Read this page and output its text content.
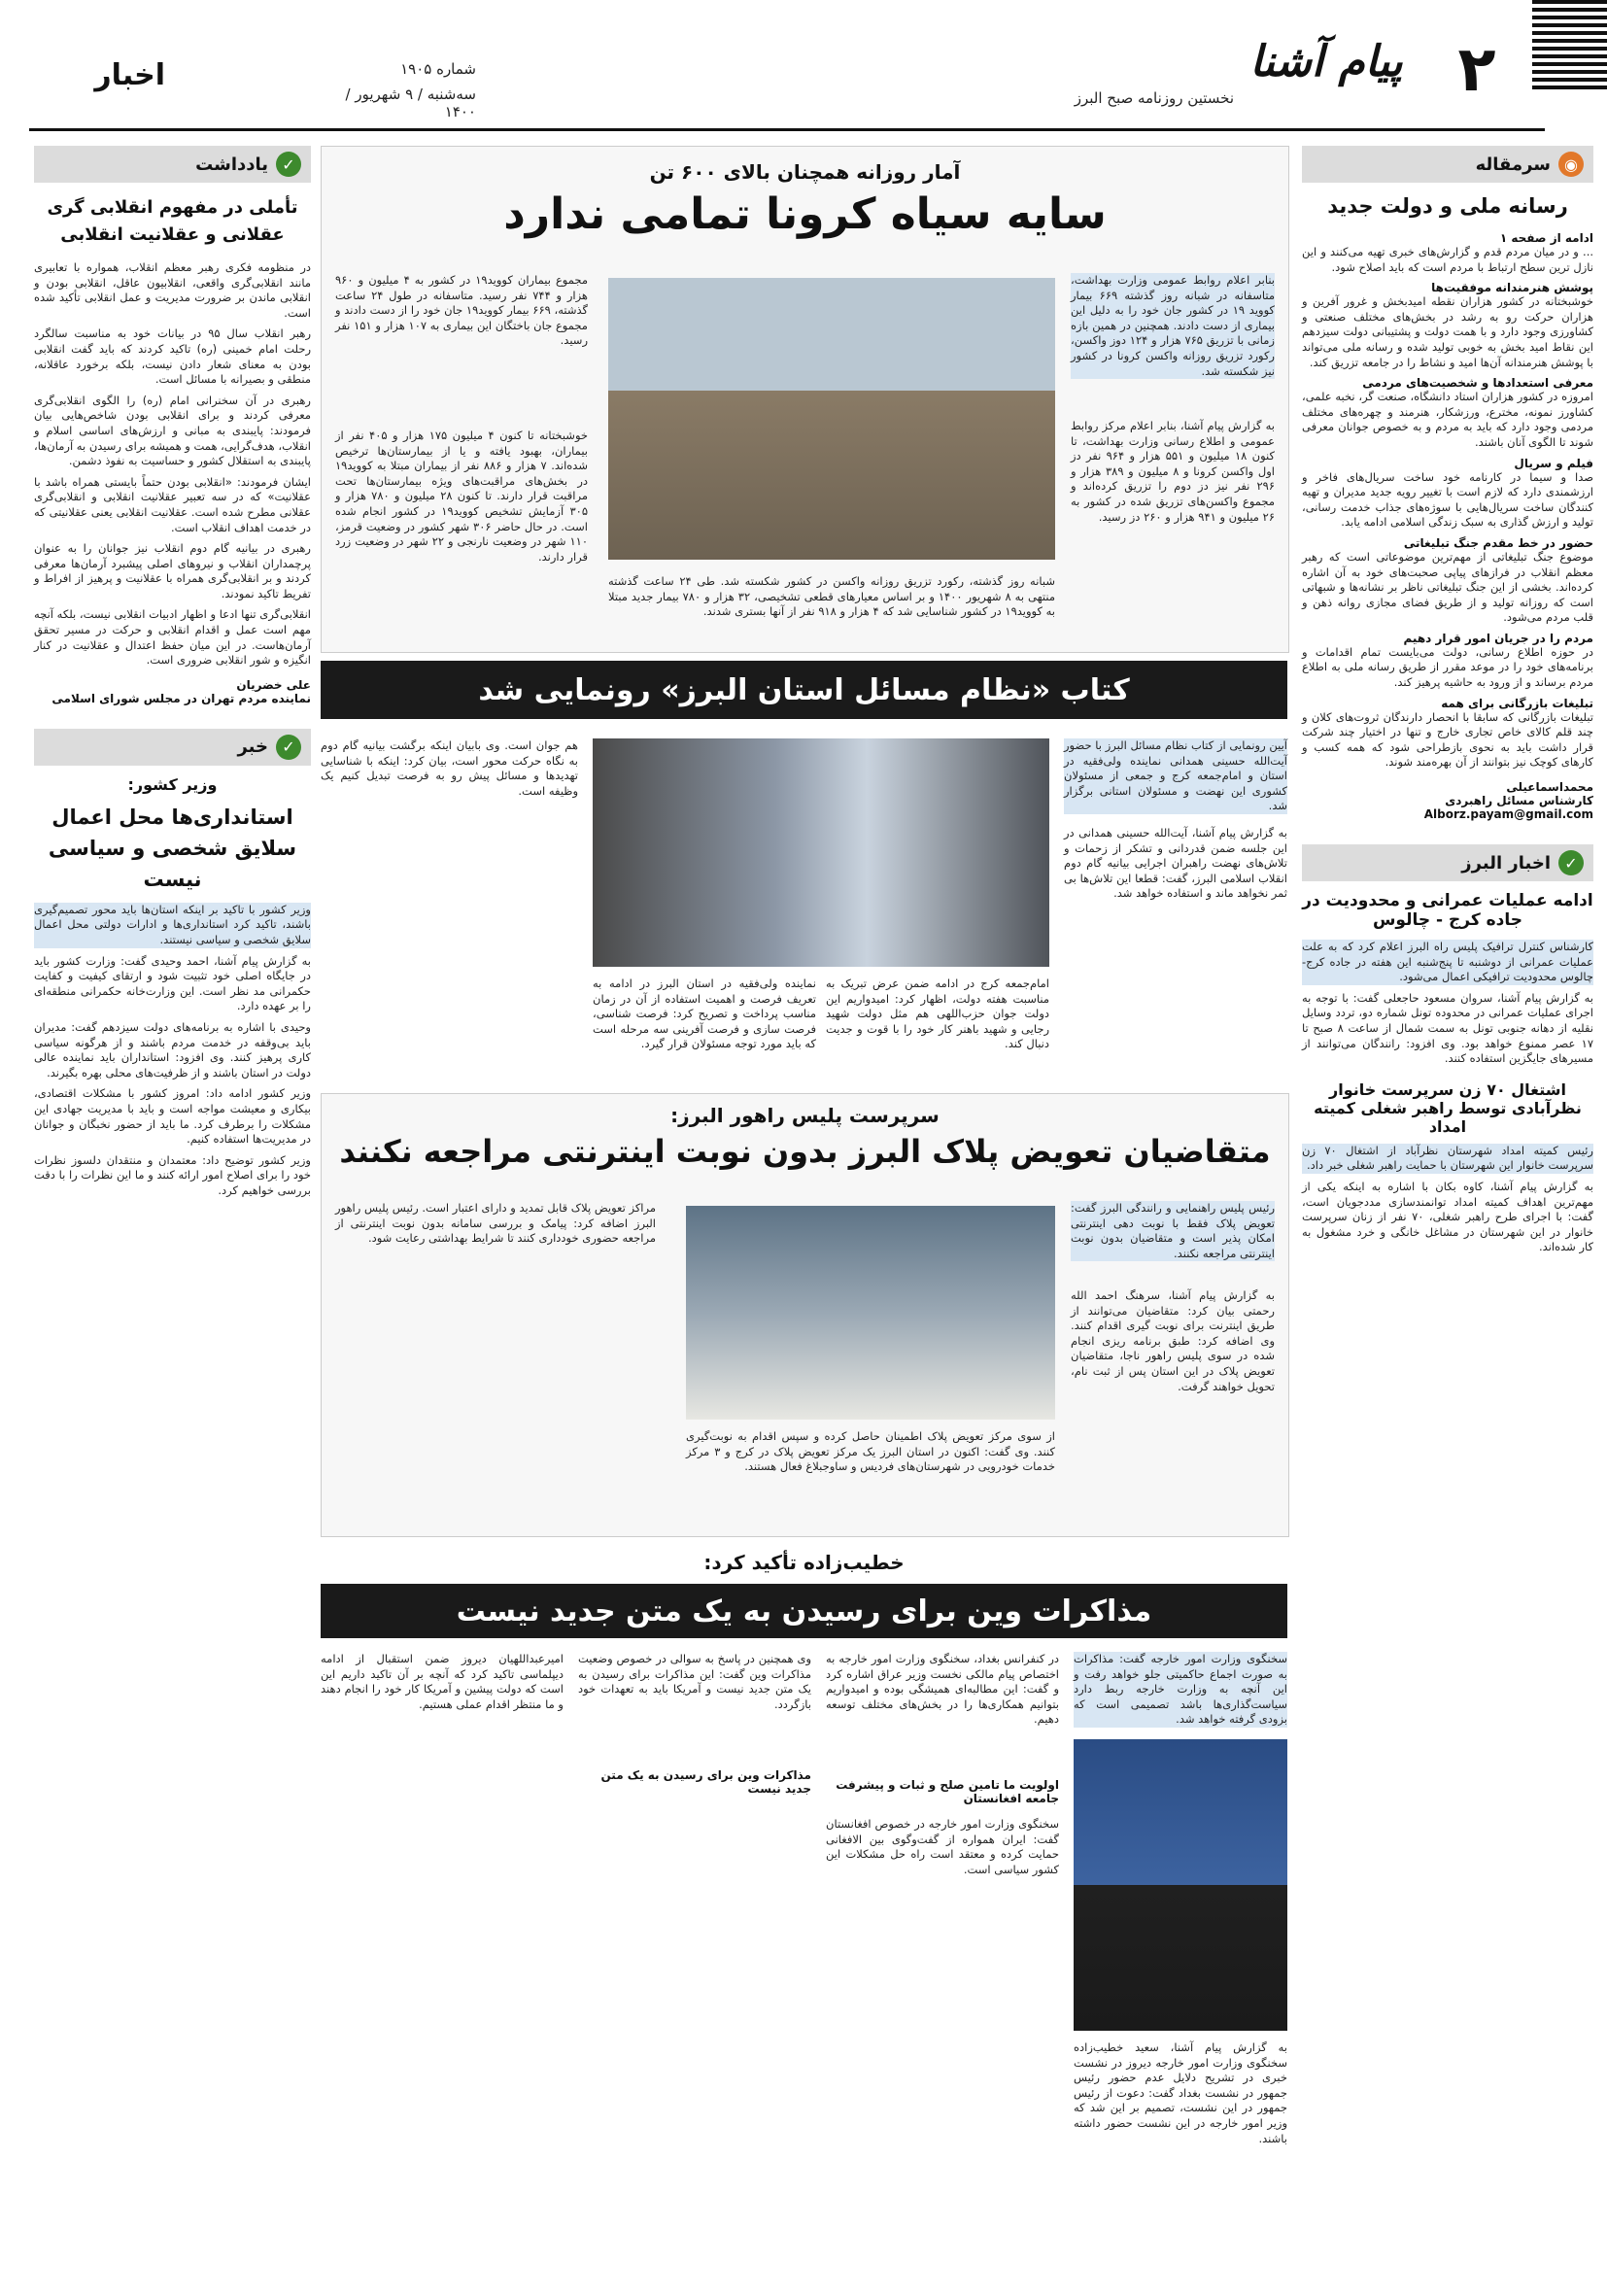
۲
پیام آشنا
نخستین روزنامه صبح البرز
شماره ۱۹۰۵
سه‌شنبه / ۹ شهریور / ۱۴۰۰
اخبار
◉
سرمقاله
رسانه ملی و دولت جدید
ادامه از صفحه ۱
... و در میان مردم قدم و گزارش‌های خبری تهیه می‌کنند و این نازل ترین سطح ارتباط با مردم است که باید اصلاح شود.
پوشش هنرمندانه موفقیت‌ها
خوشبختانه در کشور هزاران نقطه امیدبخش و غرور آفرین و هزاران حرکت رو به رشد در بخش‌های مختلف صنعتی و کشاورزی وجود دارد و با همت دولت و پشتیبانی دولت سیزدهم این نقاط امید بخش به خوبی تولید شده و رسانه ملی می‌تواند با پوشش هنرمندانه آن‌ها امید و نشاط را در جامعه تزریق کند.
معرفی استعدادها و شخصیت‌های مردمی
امروزه در کشور هزاران استاد دانشگاه، صنعت گر، نخبه علمی، کشاورز نمونه، مخترع، ورزشکار، هنرمند و چهره‌های مختلف مردمی وجود دارد که باید به مردم و به خصوص جوانان معرفی شوند تا الگوی آنان باشند.
فیلم و سریال
صدا و سیما در کارنامه خود ساخت سریال‌های فاخر و ارزشمندی دارد که لازم است با تغییر رویه جدید مدیران و تهیه کنندگان ساخت سریال‌هایی با سوژه‌های جذاب خدمت رسانی، تولید و ارزش گذاری به سبک زندگی اسلامی ادامه یابد.
حضور در خط مقدم جنگ تبلیغاتی
موضوع جنگ تبلیغاتی از مهم‌ترین موضوعاتی است که رهبر معظم انقلاب در فراز‌های پیاپی صحبت‌های خود به آن اشاره کرده‌اند. بخشی از این جنگ تبلیغاتی ناظر بر نشانه‌ها و شبهاتی است که روزانه تولید و از طریق فضای مجازی روانه ذهن و قلب مردم می‌شود.
مردم را در جریان امور قرار دهیم
در حوزه اطلاع رسانی، دولت می‌بایست تمام اقدامات و برنامه‌های خود را در موعد مقرر از طریق رسانه ملی به اطلاع مردم برساند و از ورود به حاشیه پرهیز کند.
تبلیغات بازرگانی برای همه
تبلیغات بازرگانی که سابقا با انحصار دارندگان ثروت‌های کلان و چند قلم کالای خاص تجاری خارج و تنها در اختیار چند شرکت قرار داشت باید به نحوی بازطراحی شود که همه کسب و کارهای کوچک نیز بتوانند از آن بهره‌مند شوند.
محمداسماعیلی
کارشناس مسائل راهبردی
Alborz.payam@gmail.com
✓
اخبار البرز
ادامه عملیات عمرانی و محدودیت در جاده کرج - چالوس
کارشناس کنترل ترافیک پلیس راه البرز اعلام کرد که به علت عملیات عمرانی از دوشنبه تا پنج‌شنبه این هفته در جاده کرج-چالوس محدودیت ترافیکی اعمال می‌شود.
به گزارش پیام آشنا، سروان مسعود حاجعلی گفت: با توجه به اجرای عملیات عمرانی در محدوده تونل شماره دو، تردد وسایل نقلیه از دهانه جنوبی تونل به سمت شمال از ساعت ۸ صبح تا ۱۷ عصر ممنوع خواهد بود. وی افزود: رانندگان می‌توانند از مسیرهای جایگزین استفاده کنند.
اشتغال ۷۰ زن سرپرست خانوار نظرآبادی توسط راهبر شغلی کمیته امداد
رئیس کمیته امداد شهرستان نظرآباد از اشتغال ۷۰ زن سرپرست خانوار این شهرستان با حمایت راهبر شغلی خبر داد.
به گزارش پیام آشنا، کاوه بکان با اشاره به اینکه یکی از مهم‌ترین اهداف کمیته امداد توانمندسازی مددجویان است، گفت: با اجرای طرح راهبر شغلی، ۷۰ نفر از زنان سرپرست خانوار در این شهرستان در مشاغل خانگی و خرد مشغول به کار شده‌اند.
آمار روزانه همچنان بالای ۶۰۰ تن
سایه سیاه کرونا تمامی ندارد
بنابر اعلام روابط عمومی وزارت بهداشت، متاسفانه در شبانه روز گذشته ۶۶۹ بیمار کووید ۱۹ در کشور جان خود را به دلیل این بیماری از دست دادند. همچنین در همین بازه زمانی با تزریق ۷۶۵ هزار و ۱۲۴ دوز واکسن، رکورد تزریق روزانه واکسن کرونا در کشور نیز شکسته شد.
به گزارش پیام آشنا، بنابر اعلام مرکز روابط عمومی و اطلاع رسانی وزارت بهداشت، تا کنون ۱۸ میلیون و ۵۵۱ هزار و ۹۶۴ نفر دز اول واکسن کرونا و ۸ میلیون و ۳۸۹ هزار و ۲۹۶ نفر نیز دز دوم را تزریق کرده‌اند و مجموع واکسن‌های تزریق شده در کشور به ۲۶ میلیون و ۹۴۱ هزار و ۲۶۰ دز رسید.
شبانه روز گذشته، رکورد تزریق روزانه واکسن در کشور شکسته شد. طی ۲۴ ساعت گذشته منتهی به ۸ شهریور ۱۴۰۰ و بر اساس معیارهای قطعی تشخیصی، ۳۲ هزار و ۷۸۰ بیمار جدید مبتلا به کووید۱۹ در کشور شناسایی شد که ۴ هزار و ۹۱۸ نفر از آنها بستری شدند.
مجموع بیماران کووید۱۹ در کشور به ۴ میلیون و ۹۶۰ هزار و ۷۴۴ نفر رسید. متاسفانه در طول ۲۴ ساعت گذشته، ۶۶۹ بیمار کووید۱۹ جان خود را از دست دادند و مجموع جان باختگان این بیماری به ۱۰۷ هزار و ۱۵۱ نفر رسید.
خوشبختانه تا کنون ۴ میلیون ۱۷۵ هزار و ۴۰۵ نفر از بیماران، بهبود یافته و یا از بیمارستان‌ها ترخیص شده‌اند. ۷ هزار و ۸۸۶ نفر از بیماران مبتلا به کووید۱۹ در بخش‌های مراقبت‌های ویژه بیمارستان‌ها تحت مراقبت قرار دارند. تا کنون ۲۸ میلیون و ۷۸۰ هزار و ۳۰۵ آزمایش تشخیص کووید۱۹ در کشور انجام شده است. در حال حاضر ۳۰۶ شهر کشور در وضعیت قرمز، ۱۱۰ شهر در وضعیت نارنجی و ۲۲ شهر در وضعیت زرد قرار دارند.
کتاب «نظام مسائل استان البرز» رونمایی شد
آیین رونمایی از کتاب نظام مسائل البرز با حضور آیت‌الله حسینی همدانی نماینده ولی‌فقیه در استان و امام‌جمعه کرج و جمعی از مسئولان کشوری این نهضت و مسئولان استانی برگزار شد.
به گزارش پیام آشنا، آیت‌الله حسینی همدانی در این جلسه ضمن قدردانی و تشکر از زحمات و تلاش‌های نهضت راهبران اجرایی بیانیه گام دوم انقلاب اسلامی البرز، گفت: قطعا این تلاش‌ها بی ثمر نخواهد ماند و استفاده خواهد شد.
امام‌جمعه کرج در ادامه ضمن عرض تبریک به مناسبت هفته دولت، اظهار کرد: امیدواریم این دولت جوان حزب‌اللهی هم مثل دولت شهید رجایی و شهید باهنر کار خود را با قوت و جدیت دنبال کند.
نماینده ولی‌فقیه در استان البرز در ادامه به تعریف فرصت و اهمیت استفاده از آن در زمان مناسب پرداخت و تصریح کرد: فرصت شناسی، فرصت سازی و فرصت آفرینی سه مرحله است که باید مورد توجه مسئولان قرار گیرد.
هم جوان است. وی بابیان اینکه برگشت بیانیه گام دوم به نگاه حرکت محور است، بیان کرد: اینکه با شناسایی تهدیدها و مسائل پیش رو به فرصت تبدیل کنیم یک وظیفه است.
سرپرست پلیس راهور البرز:
متقاضیان تعویض پلاک البرز بدون نوبت اینترنتی مراجعه نکنند
رئیس پلیس راهنمایی و رانندگی البرز گفت: تعویض پلاک فقط با نوبت دهی اینترنتی امکان پذیر است و متقاضیان بدون نوبت اینترنتی مراجعه نکنند.
به گزارش پیام آشنا، سرهنگ احمد الله رحمتی بیان کرد: متقاضیان می‌توانند از طریق اینترنت برای نوبت گیری اقدام کنند. وی اضافه کرد: طبق برنامه ریزی انجام شده در سوی پلیس راهور ناجا، متقاضیان تعویض پلاک در این استان پس از ثبت نام، تحویل خواهند گرفت.
از سوی مرکز تعویض پلاک اطمینان حاصل کرده و سپس اقدام به نوبت‌گیری کنند. وی گفت: اکنون در استان البرز یک مرکز تعویض پلاک در کرج و ۳ مرکز خدمات خودرویی در شهرستان‌های فردیس و ساوجبلاغ فعال هستند.
مراکز تعویض پلاک قابل تمدید و دارای اعتبار است. رئیس پلیس راهور البرز اضافه کرد: پیامک و بررسی سامانه بدون نوبت اینترنتی از مراجعه حضوری خودداری کنند تا شرایط بهداشتی رعایت شود.
خطیب‌زاده تأکید کرد:
مذاکرات وین برای رسیدن به یک متن جدید نیست
سخنگوی وزارت امور خارجه گفت: مذاکرات به صورت اجماع حاکمیتی جلو خواهد رفت و این آنچه به وزارت خارجه ربط دارد سیاست‌گذاری‌ها باشد تصمیمی است که بزودی گرفته خواهد شد.
به گزارش پیام آشنا، سعید خطیب‌زاده سخنگوی وزارت امور خارجه دیروز در نشست خبری در تشریح دلایل عدم حضور رئیس جمهور در نشست بغداد گفت: دعوت از رئیس جمهور در این نشست، تصمیم بر این شد که وزیر امور خارجه در این نشست حضور داشته باشند.
در کنفرانس بغداد، سخنگوی وزارت امور خارجه به اختصاص پیام مالکی نخست وزیر عراق اشاره کرد و گفت: این مطالبه‌ای همیشگی بوده و امیدواریم بتوانیم همکاری‌ها را در بخش‌های مختلف توسعه دهیم.
اولویت ما تامین صلح و ثبات و پیشرفت جامعه افغانستان
سخنگوی وزارت امور خارجه در خصوص افغانستان گفت: ایران همواره از گفت‌وگوی بین الافغانی حمایت کرده و معتقد است راه حل مشکلات این کشور سیاسی است.
وی همچنین در پاسخ به سوالی در خصوص وضعیت مذاکرات وین گفت: این مذاکرات برای رسیدن به یک متن جدید نیست و آمریکا باید به تعهدات خود بازگردد.
مذاکرات وین برای رسیدن به یک متن جدید نیست
امیرعبداللهیان دیروز ضمن استقبال از ادامه دیپلماسی تاکید کرد که آنچه بر آن تاکید داریم این است که دولت پیشین و آمریکا کار خود را انجام دهند و ما منتظر اقدام عملی هستیم.
✓
یادداشت
تأملی در مفهوم انقلابی گری عقلانی و عقلانیت انقلابی
در منظومه فکری رهبر معظم انقلاب، همواره با تعابیری مانند انقلابی‌گری واقعی، انقلابیون عاقل، انقلابی بودن و انقلابی ماندن بر ضرورت مدیریت و عمل انقلابی تأکید شده است.
رهبر انقلاب سال ۹۵ در بیانات خود به مناسبت سالگرد رحلت امام خمینی (ره) تاکید کردند که باید گفت انقلابی بودن به معنای شعار دادن نیست، بلکه برخورد عاقلانه، منطقی و بصیرانه با مسائل است.
رهبری در آن سخنرانی امام (ره) را الگوی انقلابی‌گری معرفی کردند و برای انقلابی بودن شاخص‌هایی بیان فرمودند: پایبندی به مبانی و ارزش‌های اساسی اسلام و انقلاب، هدف‌گرایی، همت و همیشه برای رسیدن به آرمان‌ها، پایبندی به استقلال کشور و حساسیت به نفوذ دشمن.
ایشان فرمودند: «انقلابی بودن حتماً بایستی همراه باشد با عقلانیت» که در سه تعبیر عقلانیت انقلابی و انقلابی‌گری عقلانی مطرح شده است. عقلانیت انقلابی یعنی عقلانیتی که در خدمت اهداف انقلاب است.
رهبری در بیانیه گام دوم انقلاب نیز جوانان را به عنوان پرچمداران انقلاب و نیروهای اصلی پیشبرد آرمان‌ها معرفی کردند و بر انقلابی‌گری همراه با عقلانیت و پرهیز از افراط و تفریط تاکید نمودند.
انقلابی‌گری تنها ادعا و اظهار ادبیات انقلابی نیست، بلکه آنچه مهم است عمل و اقدام انقلابی و حرکت در مسیر تحقق آرمان‌هاست. در این میان حفظ اعتدال و عقلانیت در کنار انگیزه و شور انقلابی ضروری است.
علی خضریان
نماینده مردم تهران در مجلس شورای اسلامی
✓
خبر
وزیر کشور:
استانداری‌ها محل اعمال سلایق شخصی و سیاسی نیست
وزیر کشور با تاکید بر اینکه استان‌ها باید محور تصمیم‌گیری باشند، تاکید کرد استانداری‌ها و ادارات دولتی محل اعمال سلایق شخصی و سیاسی نیستند.
به گزارش پیام آشنا، احمد وحیدی گفت: وزارت کشور باید در جایگاه اصلی خود تثبیت شود و ارتقای کیفیت و کفایت حکمرانی مد نظر است. این وزارت‌خانه حکمرانی منطقه‌ای را بر عهده دارد.
وحیدی با اشاره به برنامه‌های دولت سیزدهم گفت: مدیران باید بی‌وقفه در خدمت مردم باشند و از هرگونه سیاسی کاری پرهیز کنند. وی افزود: استانداران باید نماینده عالی دولت در استان باشند و از ظرفیت‌های محلی بهره بگیرند.
وزیر کشور ادامه داد: امروز کشور با مشکلات اقتصادی، بیکاری و معیشت مواجه است و باید با مدیریت جهادی این مشکلات را برطرف کرد. ما باید از حضور نخبگان و جوانان در مدیریت‌ها استفاده کنیم.
وزیر کشور توضیح داد: معتمدان و منتقدان دلسوز نظرات خود را برای اصلاح امور ارائه کنند و ما این نظرات را با دقت بررسی خواهیم کرد.
